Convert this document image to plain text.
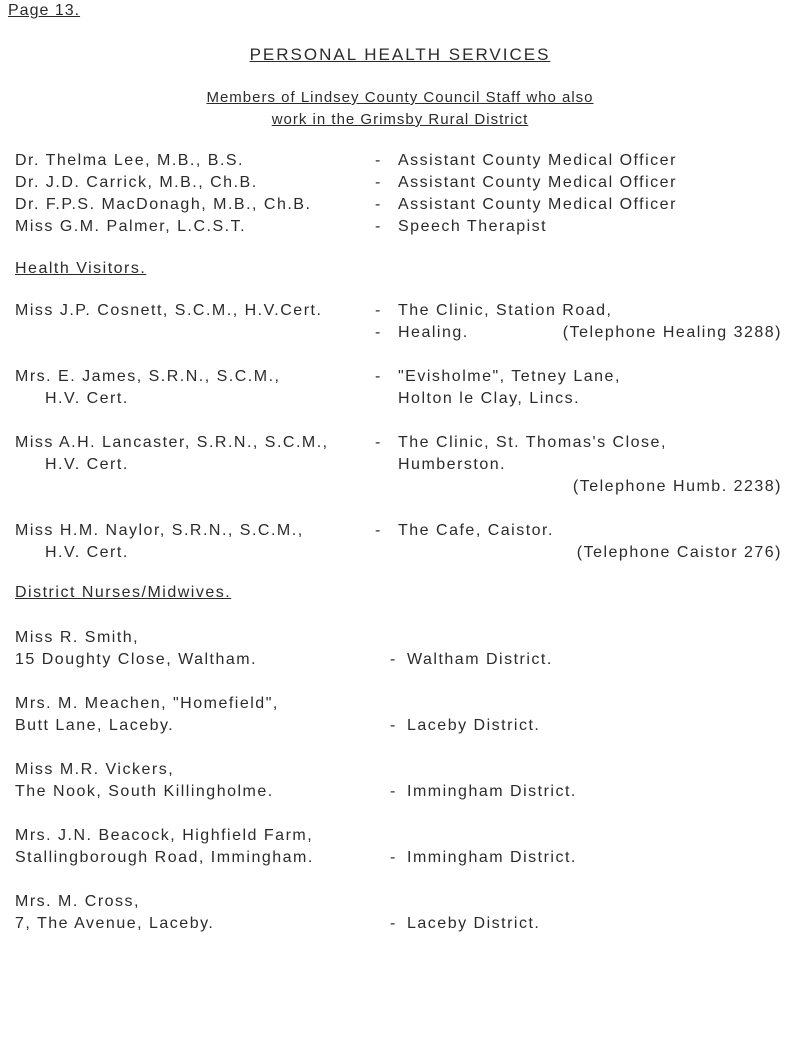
Page 13.
PERSONAL HEALTH SERVICES
Members of Lindsey County Council Staff who also
work in the Grimsby Rural District
Dr. Thelma Lee, M.B., B.S.	- Assistant County Medical Officer
Dr. J.D. Carrick, M.B., Ch.B.	- Assistant County Medical Officer
Dr. F.P.S. MacDonagh, M.B., Ch.B.	- Assistant County Medical Officer
Miss G.M. Palmer, L.C.S.T.	- Speech Therapist
Health Visitors.
Miss J.P. Cosnett, S.C.M., H.V.Cert.	- The Clinic, Station Road,
- Healing.	(Telephone Healing 3288)
Mrs. E. James, S.R.N., S.C.M.,	- "Evisholme", Tetney Lane,
H.V. Cert.	Holton le Clay, Lincs.
Miss A.H. Lancaster, S.R.N., S.C.M.,	- The Clinic, St. Thomas's Close,
H.V. Cert.	Humberston.
(Telephone Humb. 2238)
Miss H.M. Naylor, S.R.N., S.C.M.,	- The Cafe, Caistor.
H.V. Cert.	(Telephone Caistor 276)
District Nurses/Midwives.
Miss R. Smith,
15 Doughty Close, Waltham.	- Waltham District.
Mrs. M. Meachen, "Homefield",
Butt Lane, Laceby.	- Laceby District.
Miss M.R. Vickers,
The Nook, South Killingholme.	- Immingham District.
Mrs. J.N. Beacock, Highfield Farm,
Stallingborough Road, Immingham.	- Immingham District.
Mrs. M. Cross,
7, The Avenue, Laceby.	- Laceby District.
